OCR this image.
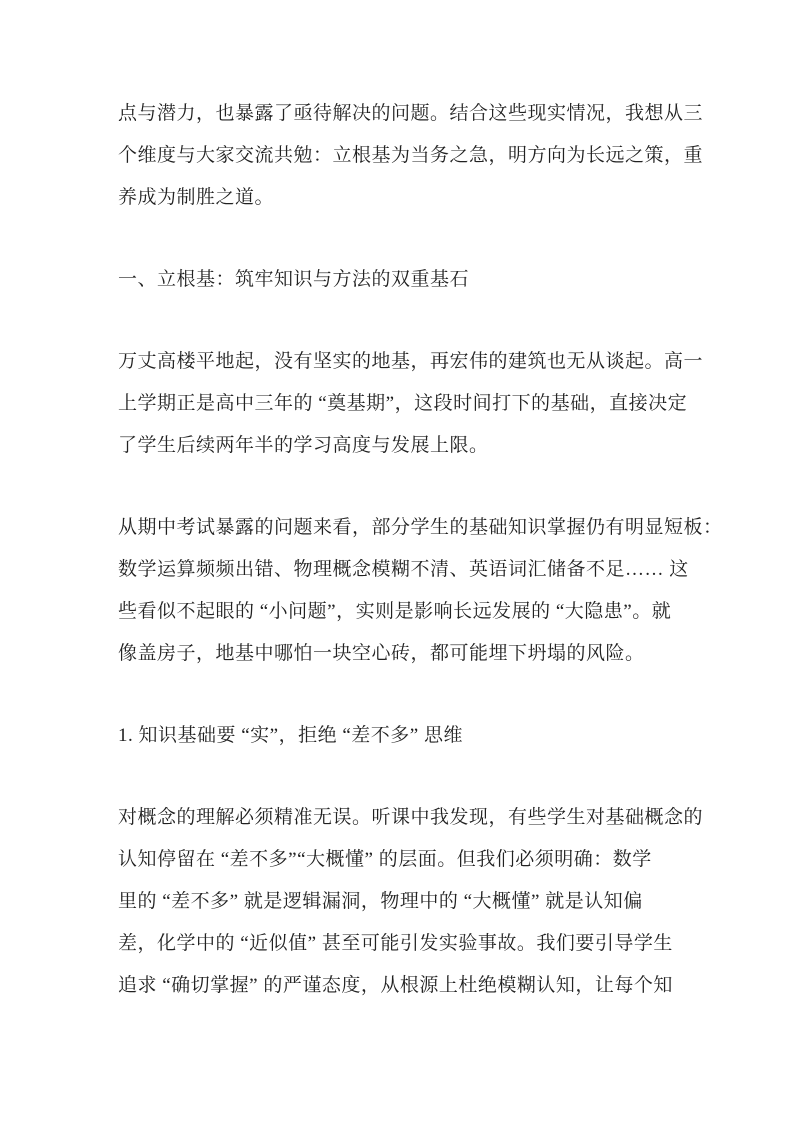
点与潜力，也暴露了亟待解决的问题。结合这些现实情况，我想从三
个维度与大家交流共勉：立根基为当务之急，明方向为长远之策，重
养成为制胜之道。
一、立根基：筑牢知识与方法的双重基石
万丈高楼平地起，没有坚实的地基，再宏伟的建筑也无从谈起。高一
上学期正是高中三年的 “奠基期”，这段时间打下的基础，直接决定
了学生后续两年半的学习高度与发展上限。
从期中考试暴露的问题来看，部分学生的基础知识掌握仍有明显短板：
数学运算频频出错、物理概念模糊不清、英语词汇储备不足…… 这
些看似不起眼的 “小问题”，实则是影响长远发展的 “大隐患”。就
像盖房子，地基中哪怕一块空心砖，都可能埋下坍塌的风险。
1. 知识基础要 “实”，拒绝 “差不多” 思维
对概念的理解必须精准无误。听课中我发现，有些学生对基础概念的
认知停留在 “差不多”“大概懂” 的层面。但我们必须明确：数学
里的 “差不多” 就是逻辑漏洞，物理中的 “大概懂” 就是认知偏
差，化学中的 “近似值” 甚至可能引发实验事故。我们要引导学生
追求 “确切掌握” 的严谨态度，从根源上杜绝模糊认知，让每个知
